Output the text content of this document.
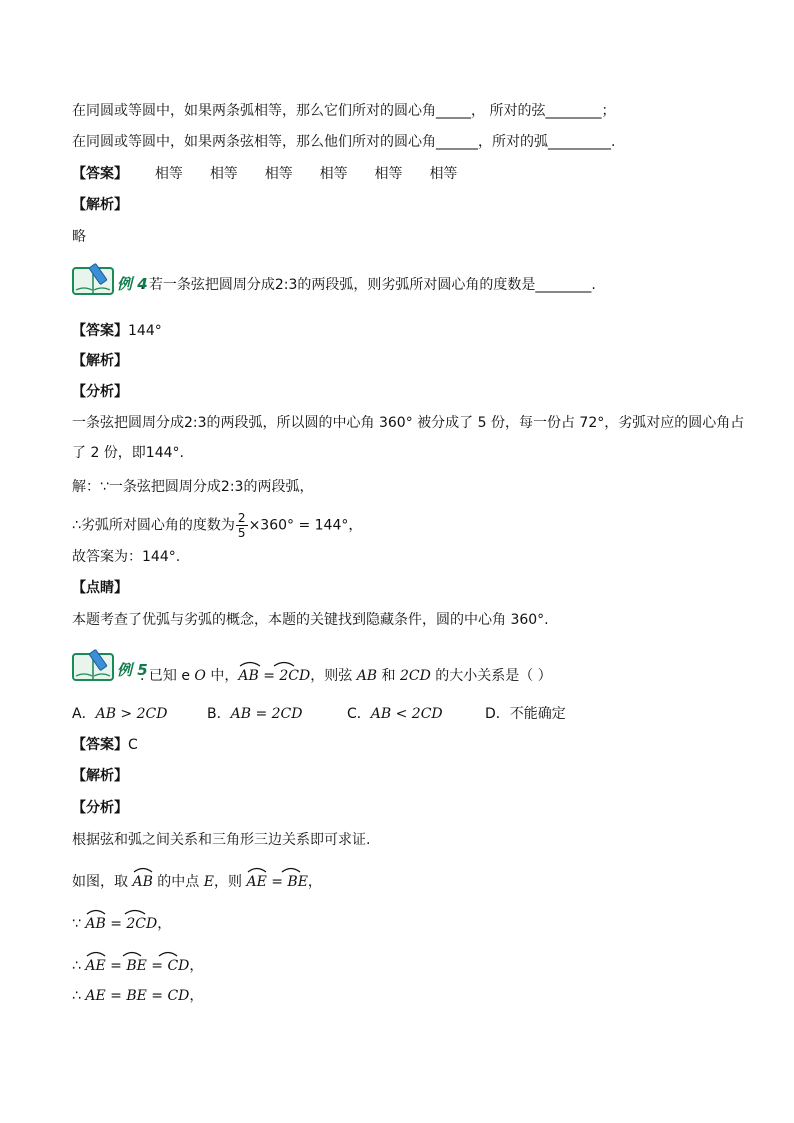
在同圆或等圆中，如果两条弧相等，那么它们所对的圆心角_____， 所对的弦________；
在同圆或等圆中，如果两条弦相等，那么他们所对的圆心角______，所对的弧_________.
【答案】 相等 相等 相等 相等 相等 相等
【解析】
略
例 4
. 若一条弦把圆周分成2:3的两段弧，则劣弧所对圆心角的度数是________.
【答案】144°
【解析】
【分析】
一条弦把圆周分成2:3的两段弧，所以圆的中心角 360° 被分成了 5 份，每一份占 72°，劣弧对应的圆心角占
了 2 份，即144°.
解：∵一条弦把圆周分成2:3的两段弧，
∴劣弧所对圆心角的度数为 $\frac{2}{5} \times 360^\circ = 144^\circ$，
故答案为：144°.
【点睛】
本题考查了优弧与劣弧的概念，本题的关键找到隐藏条件，圆的中心角 360°.
例 5
. 已知 e O 中，
AB = 2CD，则弦 AB 和 2CD 的大小关系是（ ）
A．AB > 2CD	B．AB = 2CD	C．AB < 2CD	D．不能确定
【答案】C
【解析】
【分析】
根据弦和弧之间关系和三角形三边关系即可求证.
如图，取
AB 的中点 E，则
AE = BE，
∵
AB = 2CD，
∴
AE = BE = CD，
∴ AE = BE = CD，
